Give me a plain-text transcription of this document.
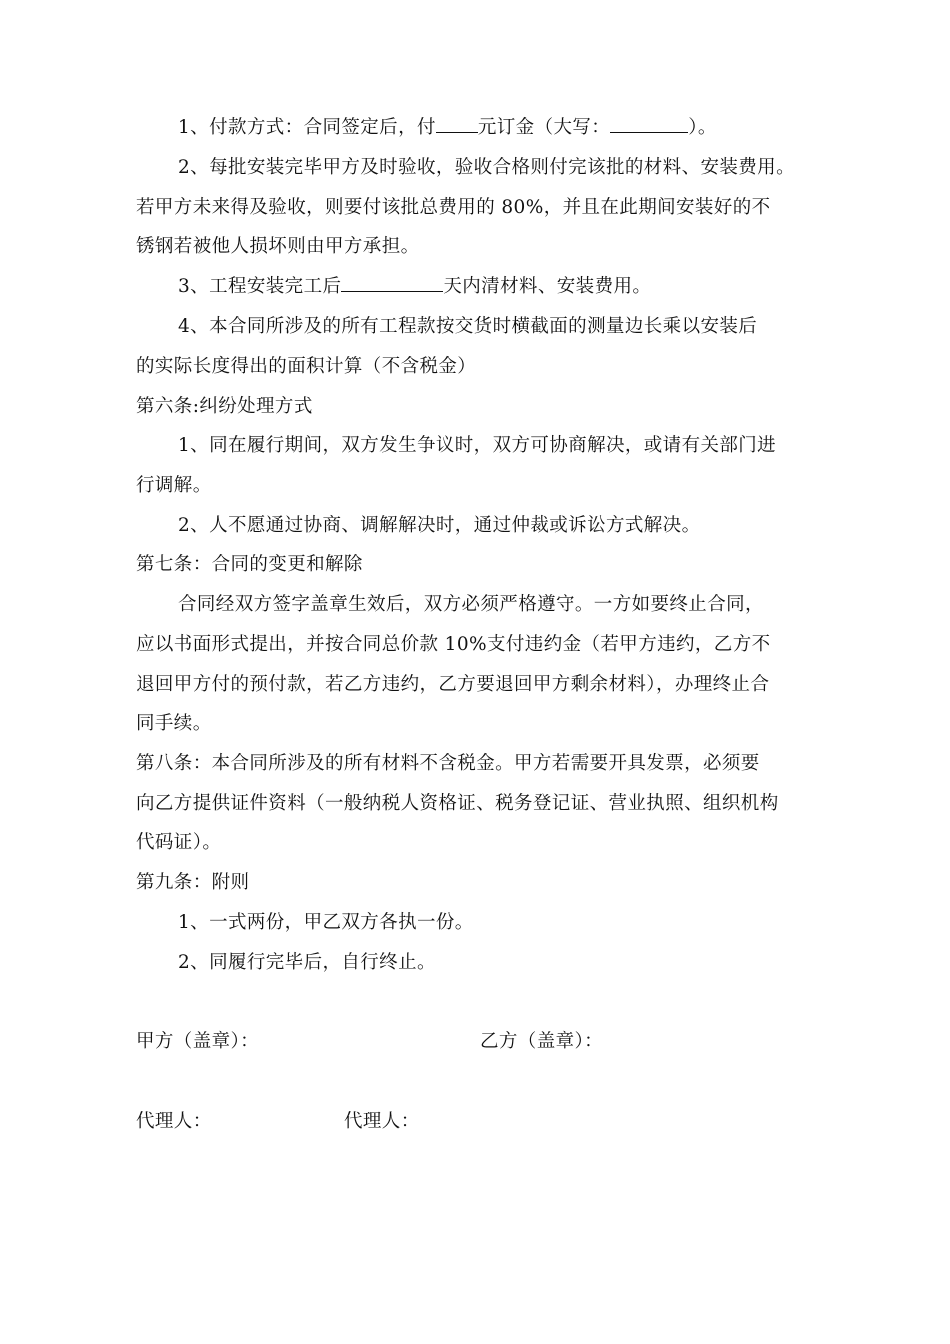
1、付款方式：合同签定后，付 元订金（大写：	）。
2、每批安装完毕甲方及时验收，验收合格则付完该批的材料、安装费用。
若甲方未来得及验收，则要付该批总费用的 80%，并且在此期间安装好的不
锈钢若被他人损坏则由甲方承担。
3、工程安装完工后	天内清材料、安装费用。
4、本合同所涉及的所有工程款按交货时横截面的测量边长乘以安装后
的实际长度得出的面积计算（不含税金）
第六条:纠纷处理方式
1、同在履行期间，双方发生争议时，双方可协商解决，或请有关部门进
行调解。
2、人不愿通过协商、调解解决时，通过仲裁或诉讼方式解决。
第七条：合同的变更和解除
合同经双方签字盖章生效后，双方必须严格遵守。一方如要终止合同，
应以书面形式提出，并按合同总价款 10%支付违约金（若甲方违约，乙方不
退回甲方付的预付款，若乙方违约，乙方要退回甲方剩余材料），办理终止合
同手续。
第八条：本合同所涉及的所有材料不含税金。甲方若需要开具发票，必须要
向乙方提供证件资料（一般纳税人资格证、税务登记证、营业执照、组织机构
代码证）。
第九条：附则
1、一式两份，甲乙双方各执一份。
2、同履行完毕后，自行终止。
甲方（盖章）：	乙方（盖章）：
代理人：	代理人：
